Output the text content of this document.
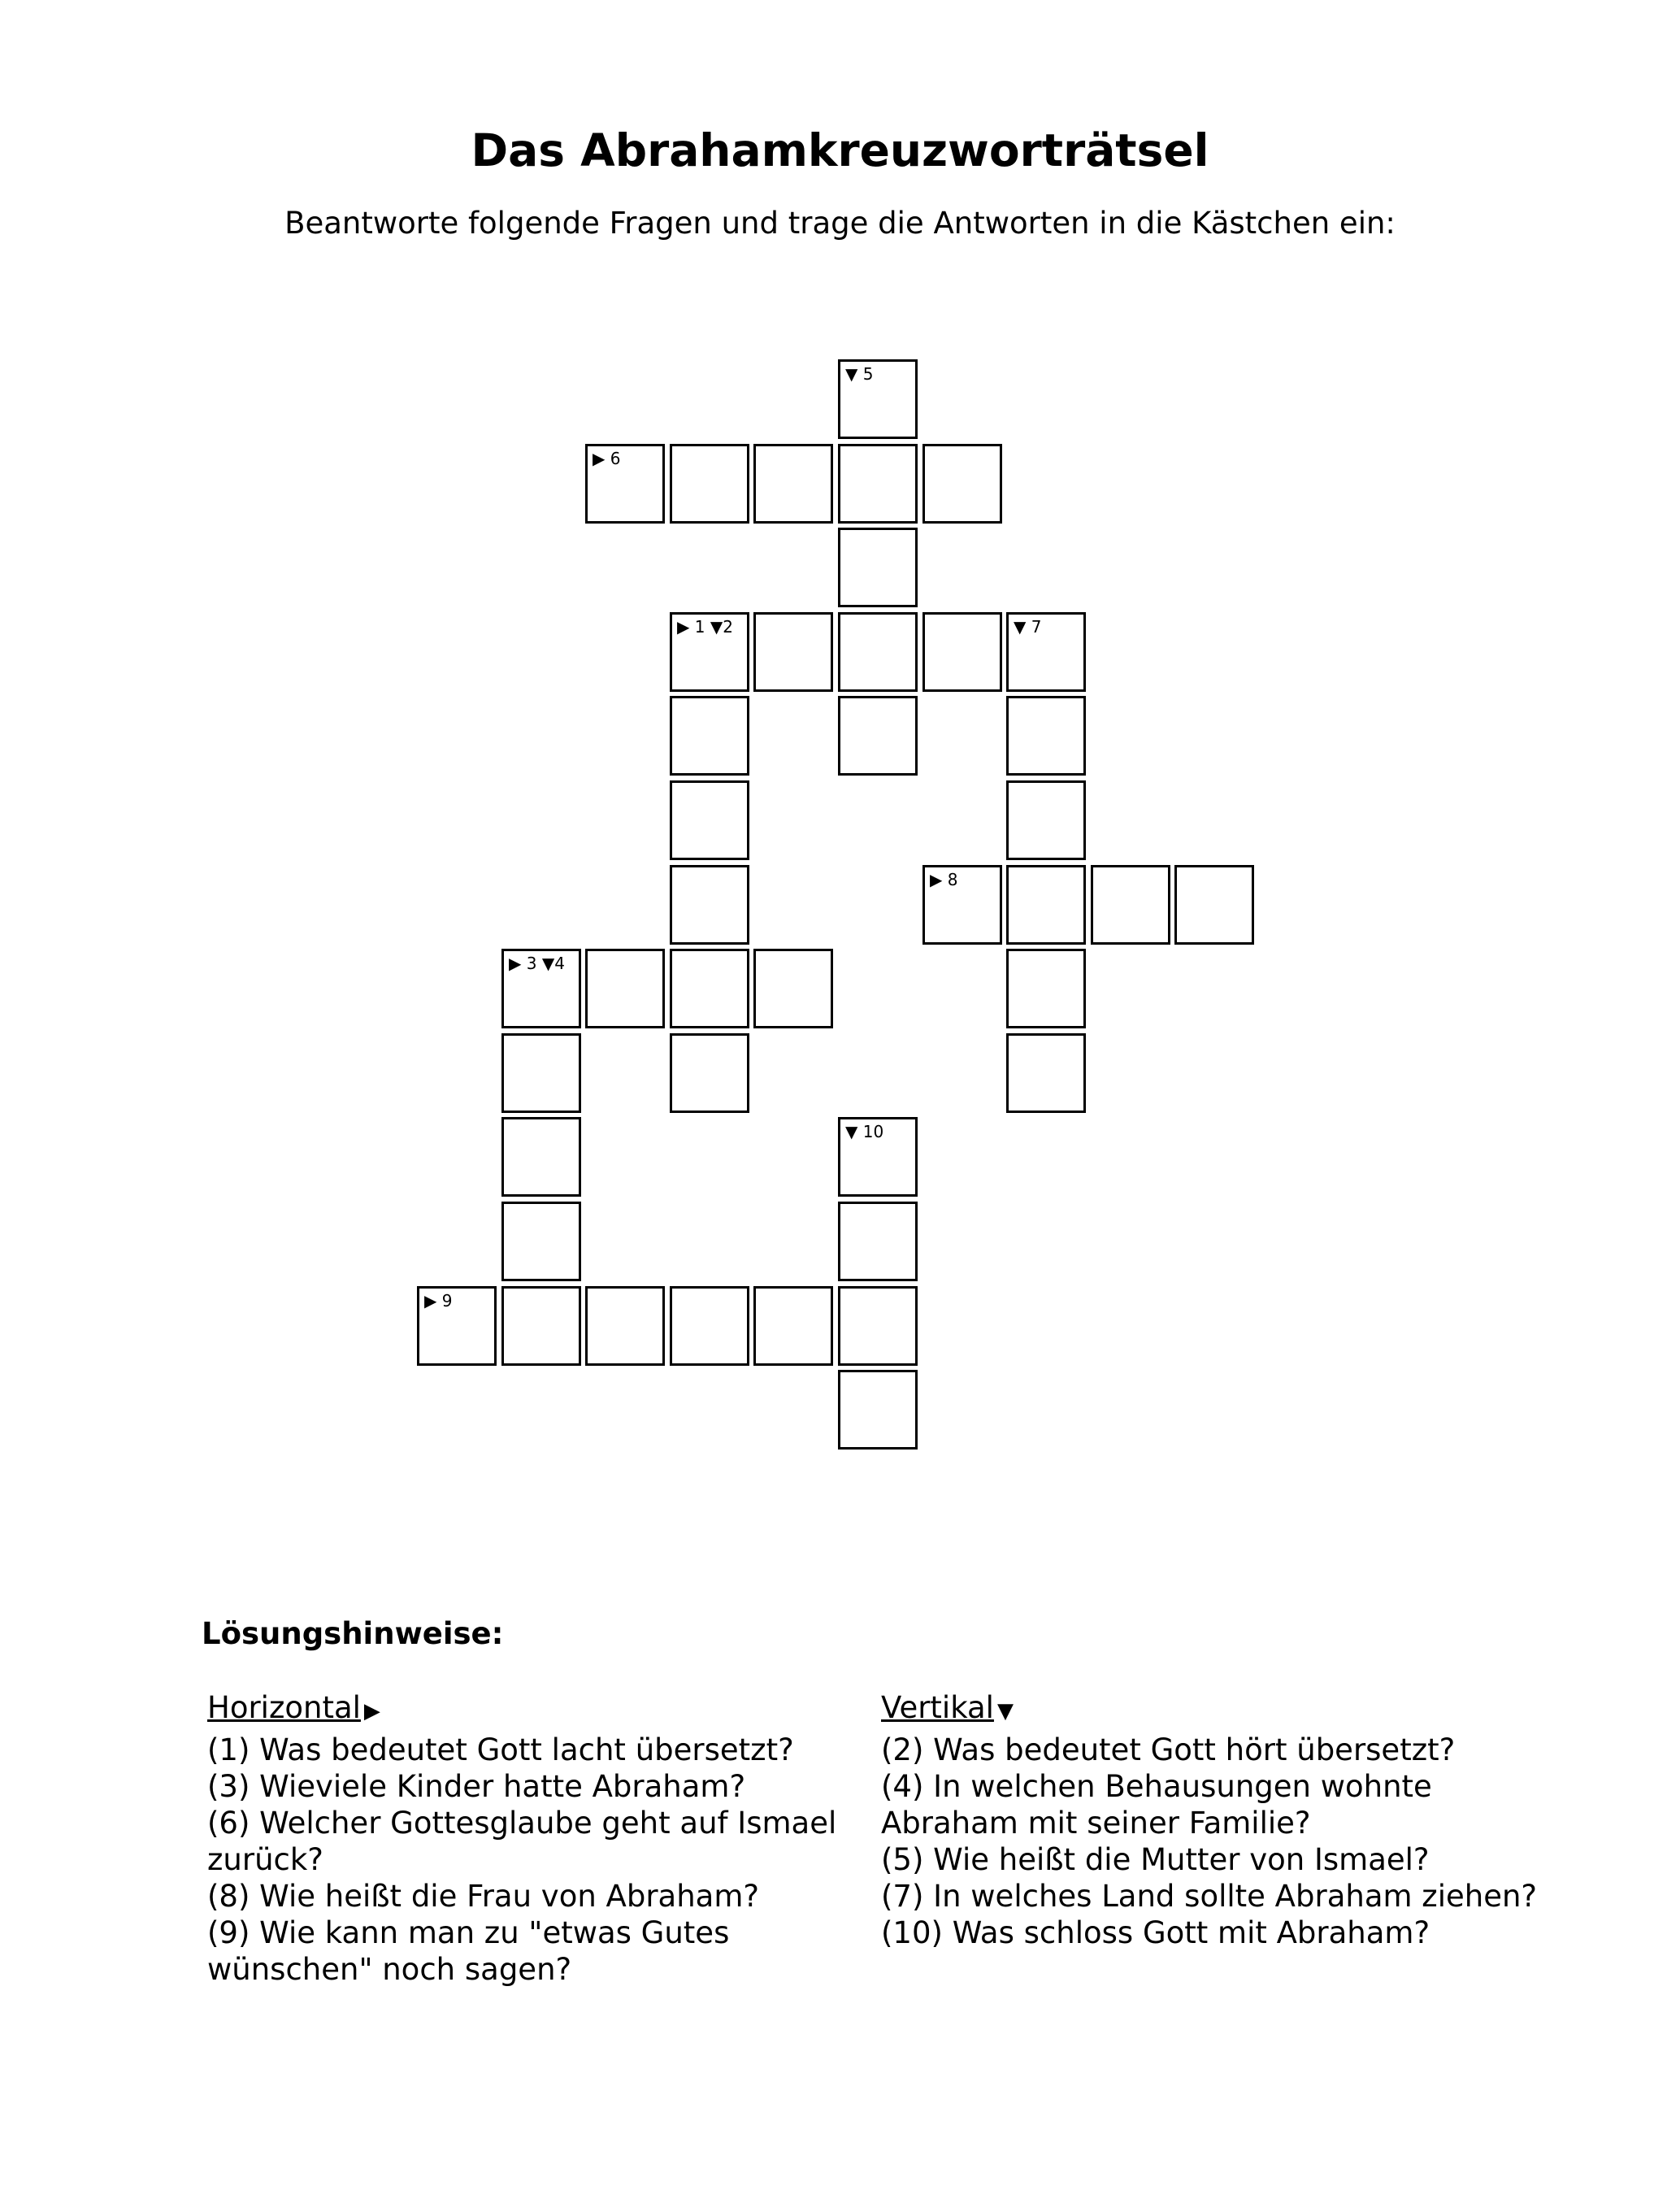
Das Abrahamkreuzworträtsel
Beantworte folgende Fragen und trage die Antworten in die Kästchen ein:
▼ 5
▶ 6
▶ 1 ▼2	▼ 7
▶ 8
▶ 3 ▼4
▼ 10
▶ 9
Lösungshinweise:
Horizontal ▶	Vertikal ▼

(1) Was bedeutet Gott lacht übersetzt?

(3) Wieviele Kinder hatte Abraham?

(6) Welcher Gottesglaube geht auf Ismael zurück?

(8) Wie heißt die Frau von Abraham?

(9) Wie kann man zu "etwas Gutes wünschen" noch sagen?

(2) Was bedeutet Gott hört übersetzt?

(4) In welchen Behausungen wohnte Abraham mit seiner Familie?

(5) Wie heißt die Mutter von Ismael?

(7) In welches Land sollte Abraham ziehen?

(10) Was schloss Gott mit Abraham?
